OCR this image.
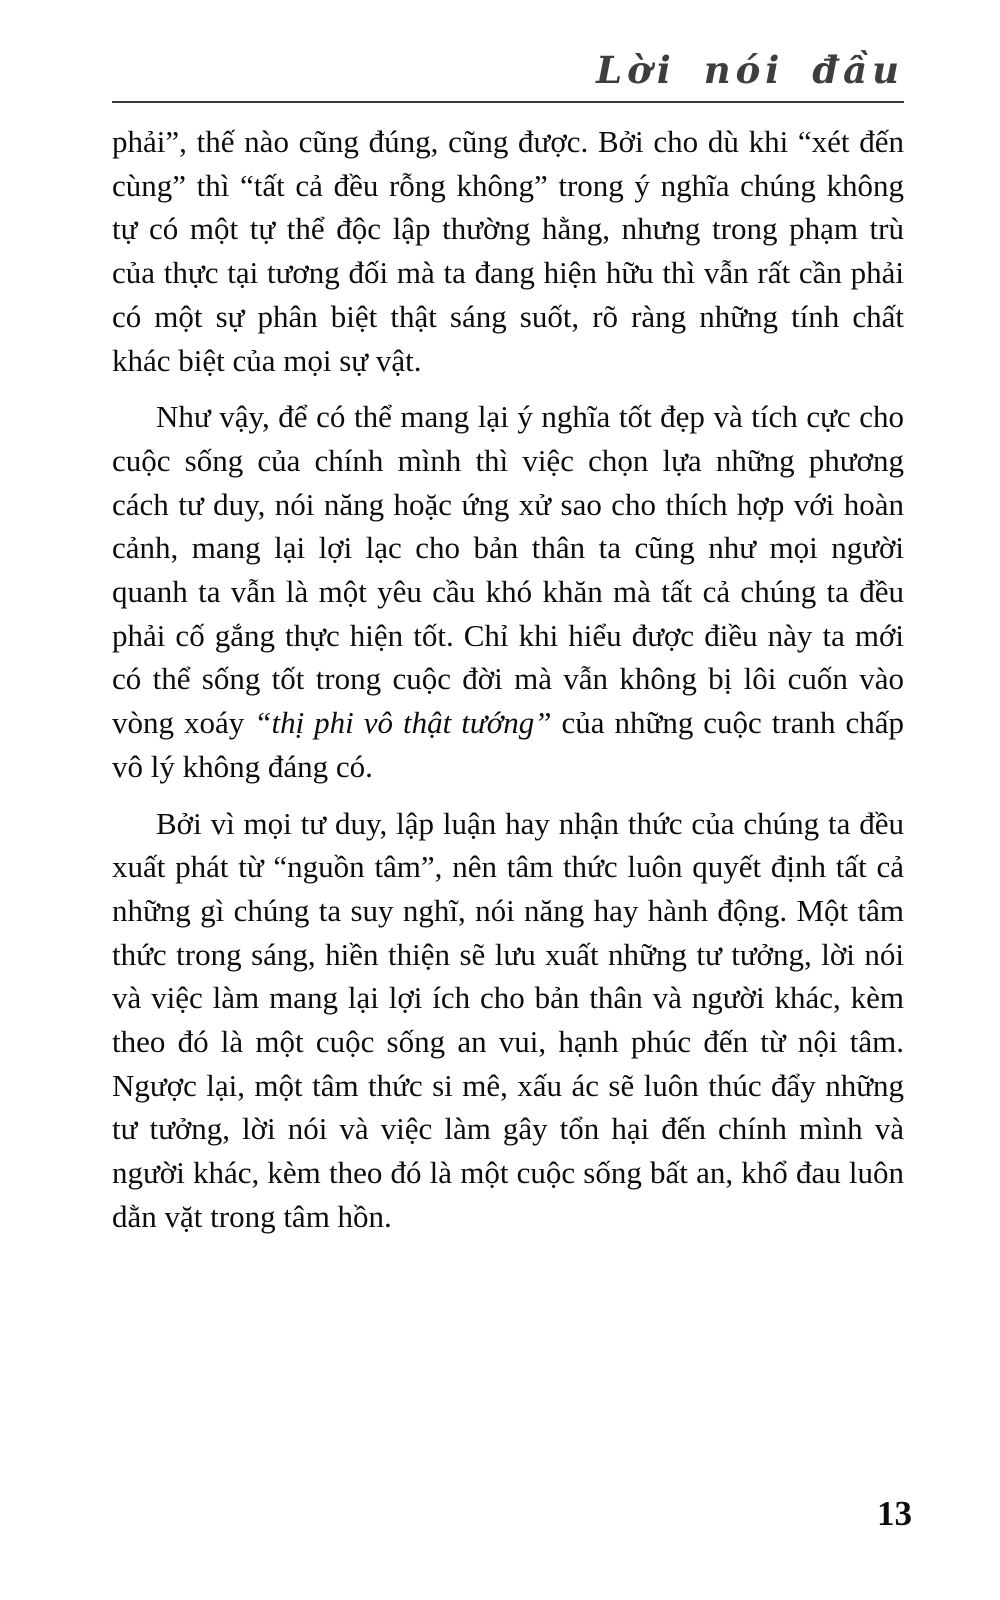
Lời nói đầu

phải”, thế nào cũng đúng, cũng được. Bởi cho dù khi “xét đến cùng” thì “tất cả đều rỗng không” trong ý nghĩa chúng không tự có một tự thể độc lập thường hằng, nhưng trong phạm trù của thực tại tương đối mà ta đang hiện hữu thì vẫn rất cần phải có một sự phân biệt thật sáng suốt, rõ ràng những tính chất khác biệt của mọi sự vật.

Như vậy, để có thể mang lại ý nghĩa tốt đẹp và tích cực cho cuộc sống của chính mình thì việc chọn lựa những phương cách tư duy, nói năng hoặc ứng xử sao cho thích hợp với hoàn cảnh, mang lại lợi lạc cho bản thân ta cũng như mọi người quanh ta vẫn là một yêu cầu khó khăn mà tất cả chúng ta đều phải cố gắng thực hiện tốt. Chỉ khi hiểu được điều này ta mới có thể sống tốt trong cuộc đời mà vẫn không bị lôi cuốn vào vòng xoáy “thị phi vô thật tướng” của những cuộc tranh chấp vô lý không đáng có.

Bởi vì mọi tư duy, lập luận hay nhận thức của chúng ta đều xuất phát từ “nguồn tâm”, nên tâm thức luôn quyết định tất cả những gì chúng ta suy nghĩ, nói năng hay hành động. Một tâm thức trong sáng, hiền thiện sẽ lưu xuất những tư tưởng, lời nói và việc làm mang lại lợi ích cho bản thân và người khác, kèm theo đó là một cuộc sống an vui, hạnh phúc đến từ nội tâm. Ngược lại, một tâm thức si mê, xấu ác sẽ luôn thúc đẩy những tư tưởng, lời nói và việc làm gây tổn hại đến chính mình và người khác, kèm theo đó là một cuộc sống bất an, khổ đau luôn dằn vặt trong tâm hồn.

13
